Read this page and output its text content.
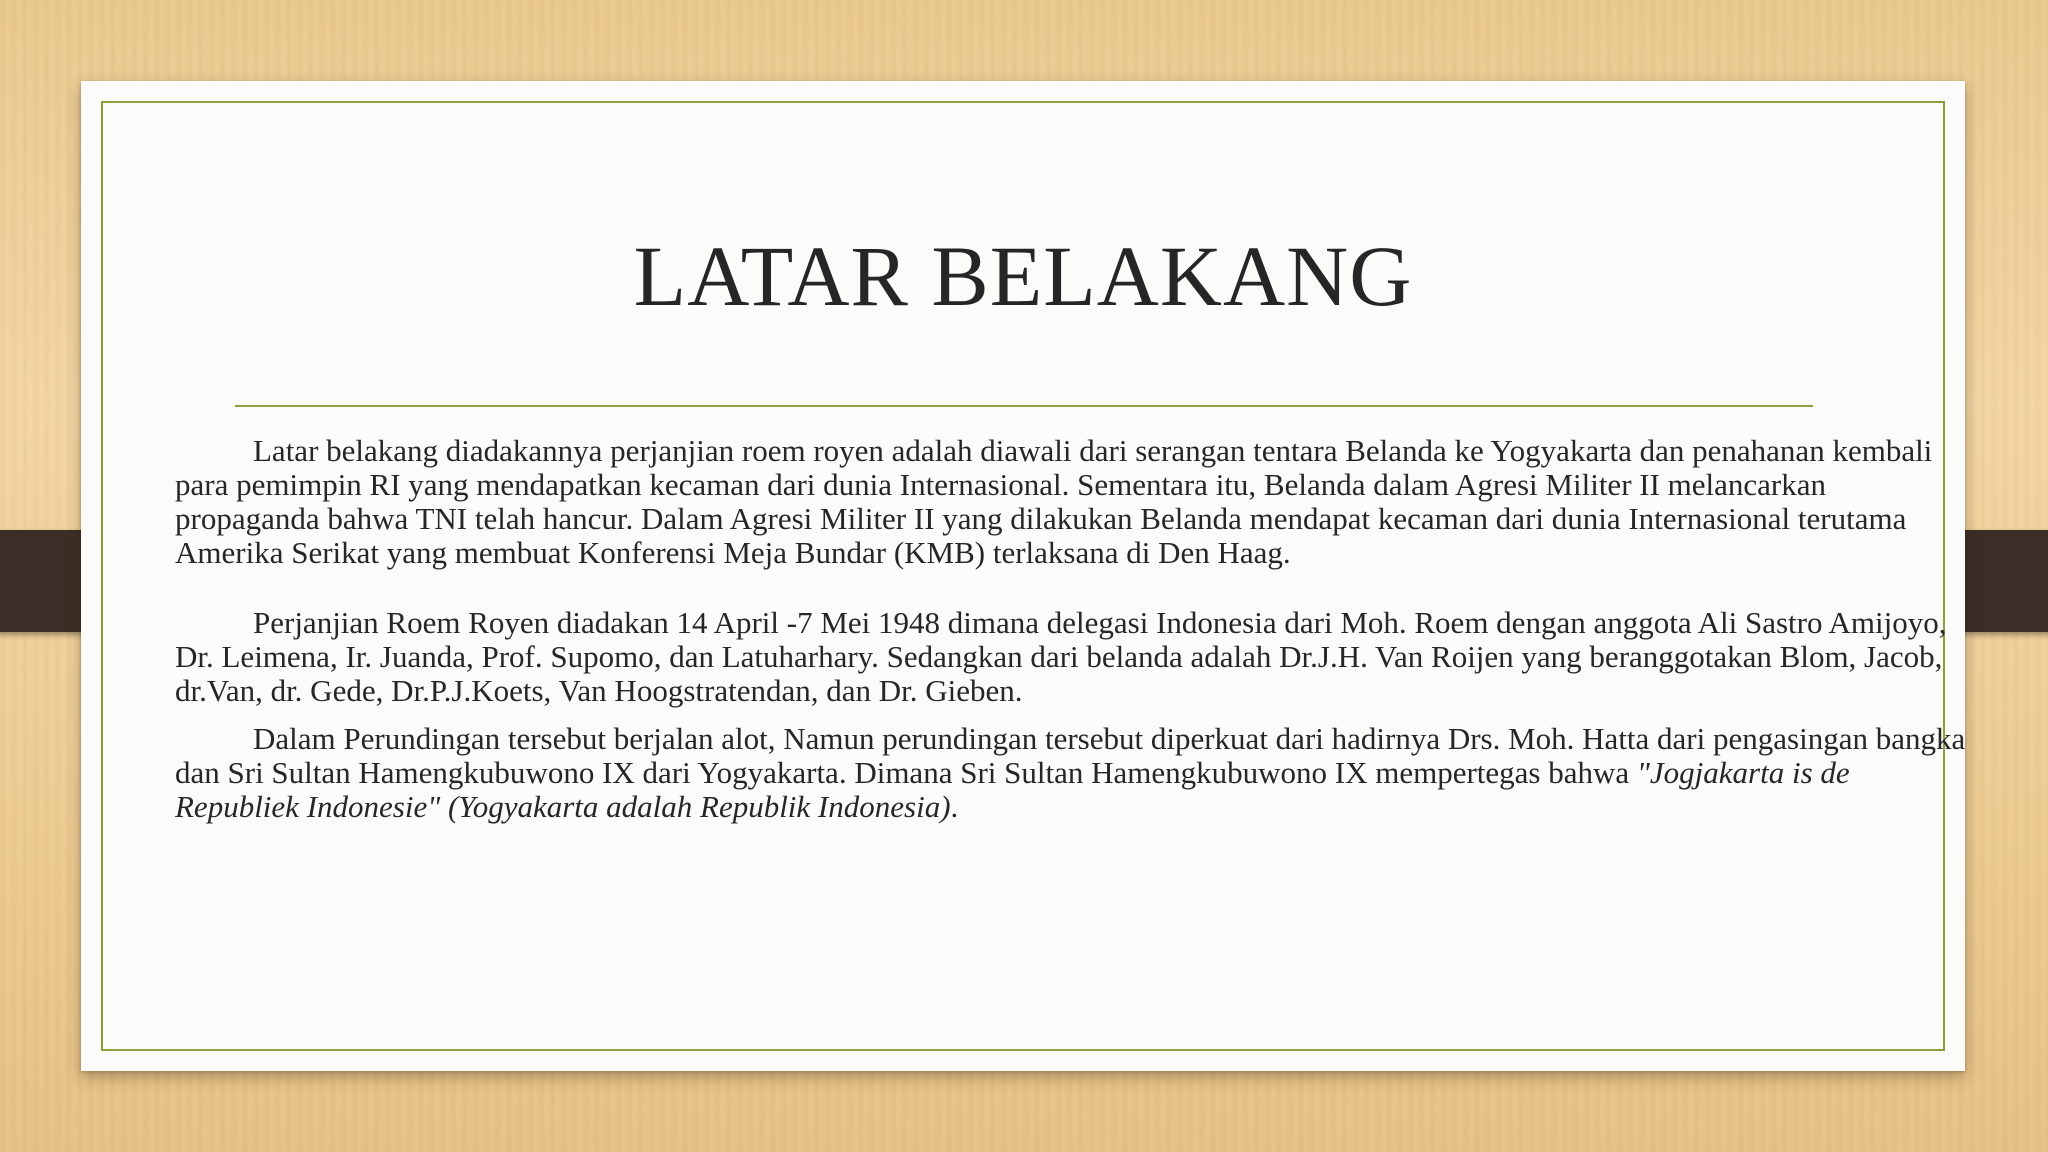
LATAR BELAKANG

Latar belakang diadakannya perjanjian roem royen adalah diawali dari serangan tentara Belanda ke Yogyakarta dan penahanan kembali para pemimpin RI yang mendapatkan kecaman dari dunia Internasional. Sementara itu, Belanda dalam Agresi Militer II melancarkan propaganda bahwa TNI telah hancur. Dalam Agresi Militer II yang dilakukan Belanda mendapat kecaman dari dunia Internasional terutama Amerika Serikat yang membuat Konferensi Meja Bundar (KMB) terlaksana di Den Haag.

Perjanjian Roem Royen diadakan 14 April -7 Mei 1948 dimana delegasi Indonesia dari Moh. Roem dengan anggota Ali Sastro Amijoyo, Dr. Leimena, Ir. Juanda, Prof. Supomo, dan Latuharhary. Sedangkan dari belanda adalah Dr.J.H. Van Roijen yang beranggotakan Blom, Jacob, dr.Van, dr. Gede, Dr.P.J.Koets, Van Hoogstratendan, dan Dr. Gieben.

Dalam Perundingan tersebut berjalan alot, Namun perundingan tersebut diperkuat dari hadirnya Drs. Moh. Hatta dari pengasingan bangka dan Sri Sultan Hamengkubuwono IX dari Yogyakarta. Dimana Sri Sultan Hamengkubuwono IX mempertegas bahwa "Jogjakarta is de Republiek Indonesie" (Yogyakarta adalah Republik Indonesia).
